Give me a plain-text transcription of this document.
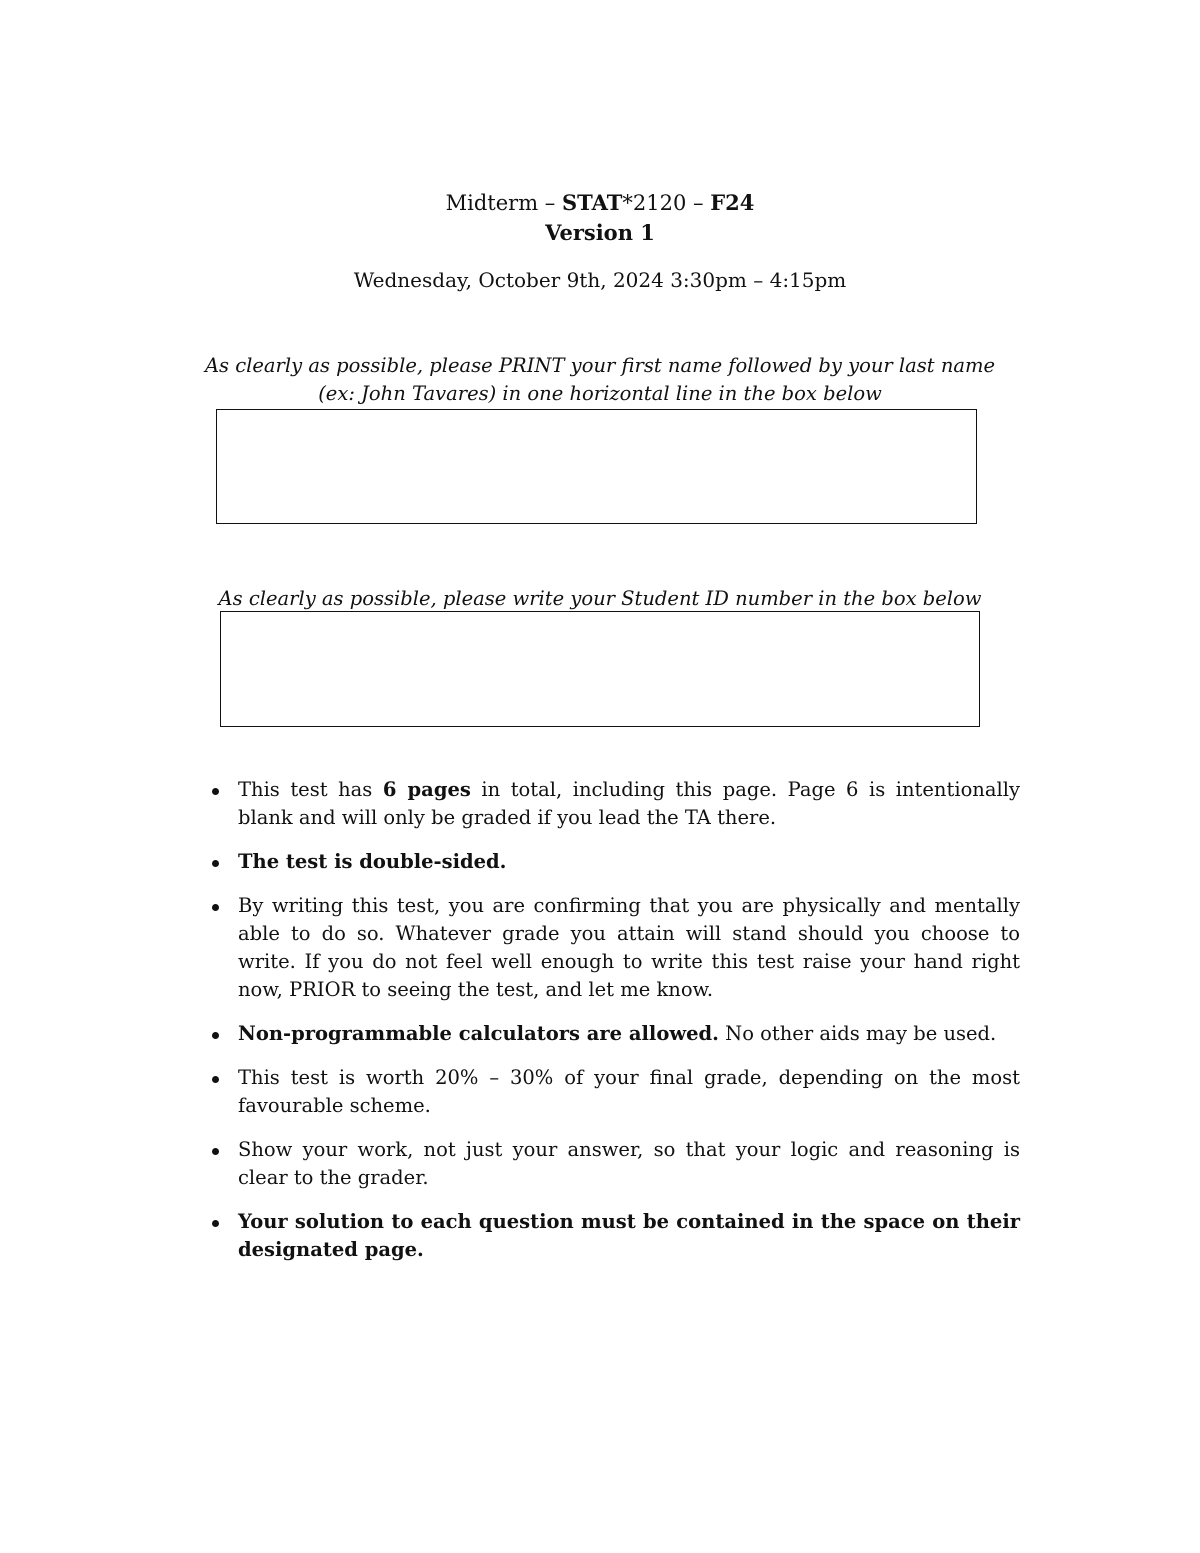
Midterm – STAT*2120 – F24
Version 1
Wednesday, October 9th, 2024 3:30pm – 4:15pm
As clearly as possible, please PRINT your first name followed by your last name
(ex: John Tavares) in one horizontal line in the box below
As clearly as possible, please write your Student ID number in the box below
This test has 6 pages in total, including this page. Page 6 is intentionally blank and will only be graded if you lead the TA there.
The test is double-sided.
By writing this test, you are confirming that you are physically and mentally able to do so. Whatever grade you attain will stand should you choose to write. If you do not feel well enough to write this test raise your hand right now, PRIOR to seeing the test, and let me know.
Non-programmable calculators are allowed. No other aids may be used.
This test is worth 20% – 30% of your final grade, depending on the most favourable scheme.
Show your work, not just your answer, so that your logic and reasoning is clear to the grader.
Your solution to each question must be contained in the space on their designated page.
